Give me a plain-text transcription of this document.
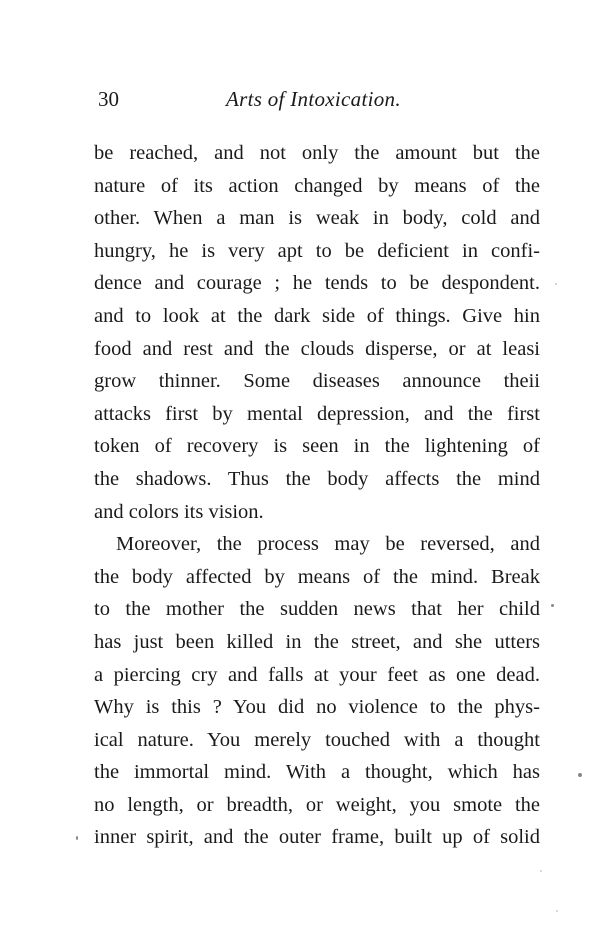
30	Arts of Intoxication.
be reached, and not only the amount but the
nature of its action changed by means of the
other. When a man is weak in body, cold and
hungry, he is very apt to be deficient in confi-
dence and courage ; he tends to be despondent.
and to look at the dark side of things. Give hin
food and rest and the clouds disperse, or at leasi
grow thinner. Some diseases announce theii
attacks first by mental depression, and the first
token of recovery is seen in the lightening of
the shadows. Thus the body affects the mind
and colors its vision.
Moreover, the process may be reversed, and
the body affected by means of the mind. Break
to the mother the sudden news that her child
has just been killed in the street, and she utters
a piercing cry and falls at your feet as one dead.
Why is this ? You did no violence to the phys-
ical nature. You merely touched with a thought
the immortal mind. With a thought, which has
no length, or breadth, or weight, you smote the
inner spirit, and the outer frame, built up of solid
